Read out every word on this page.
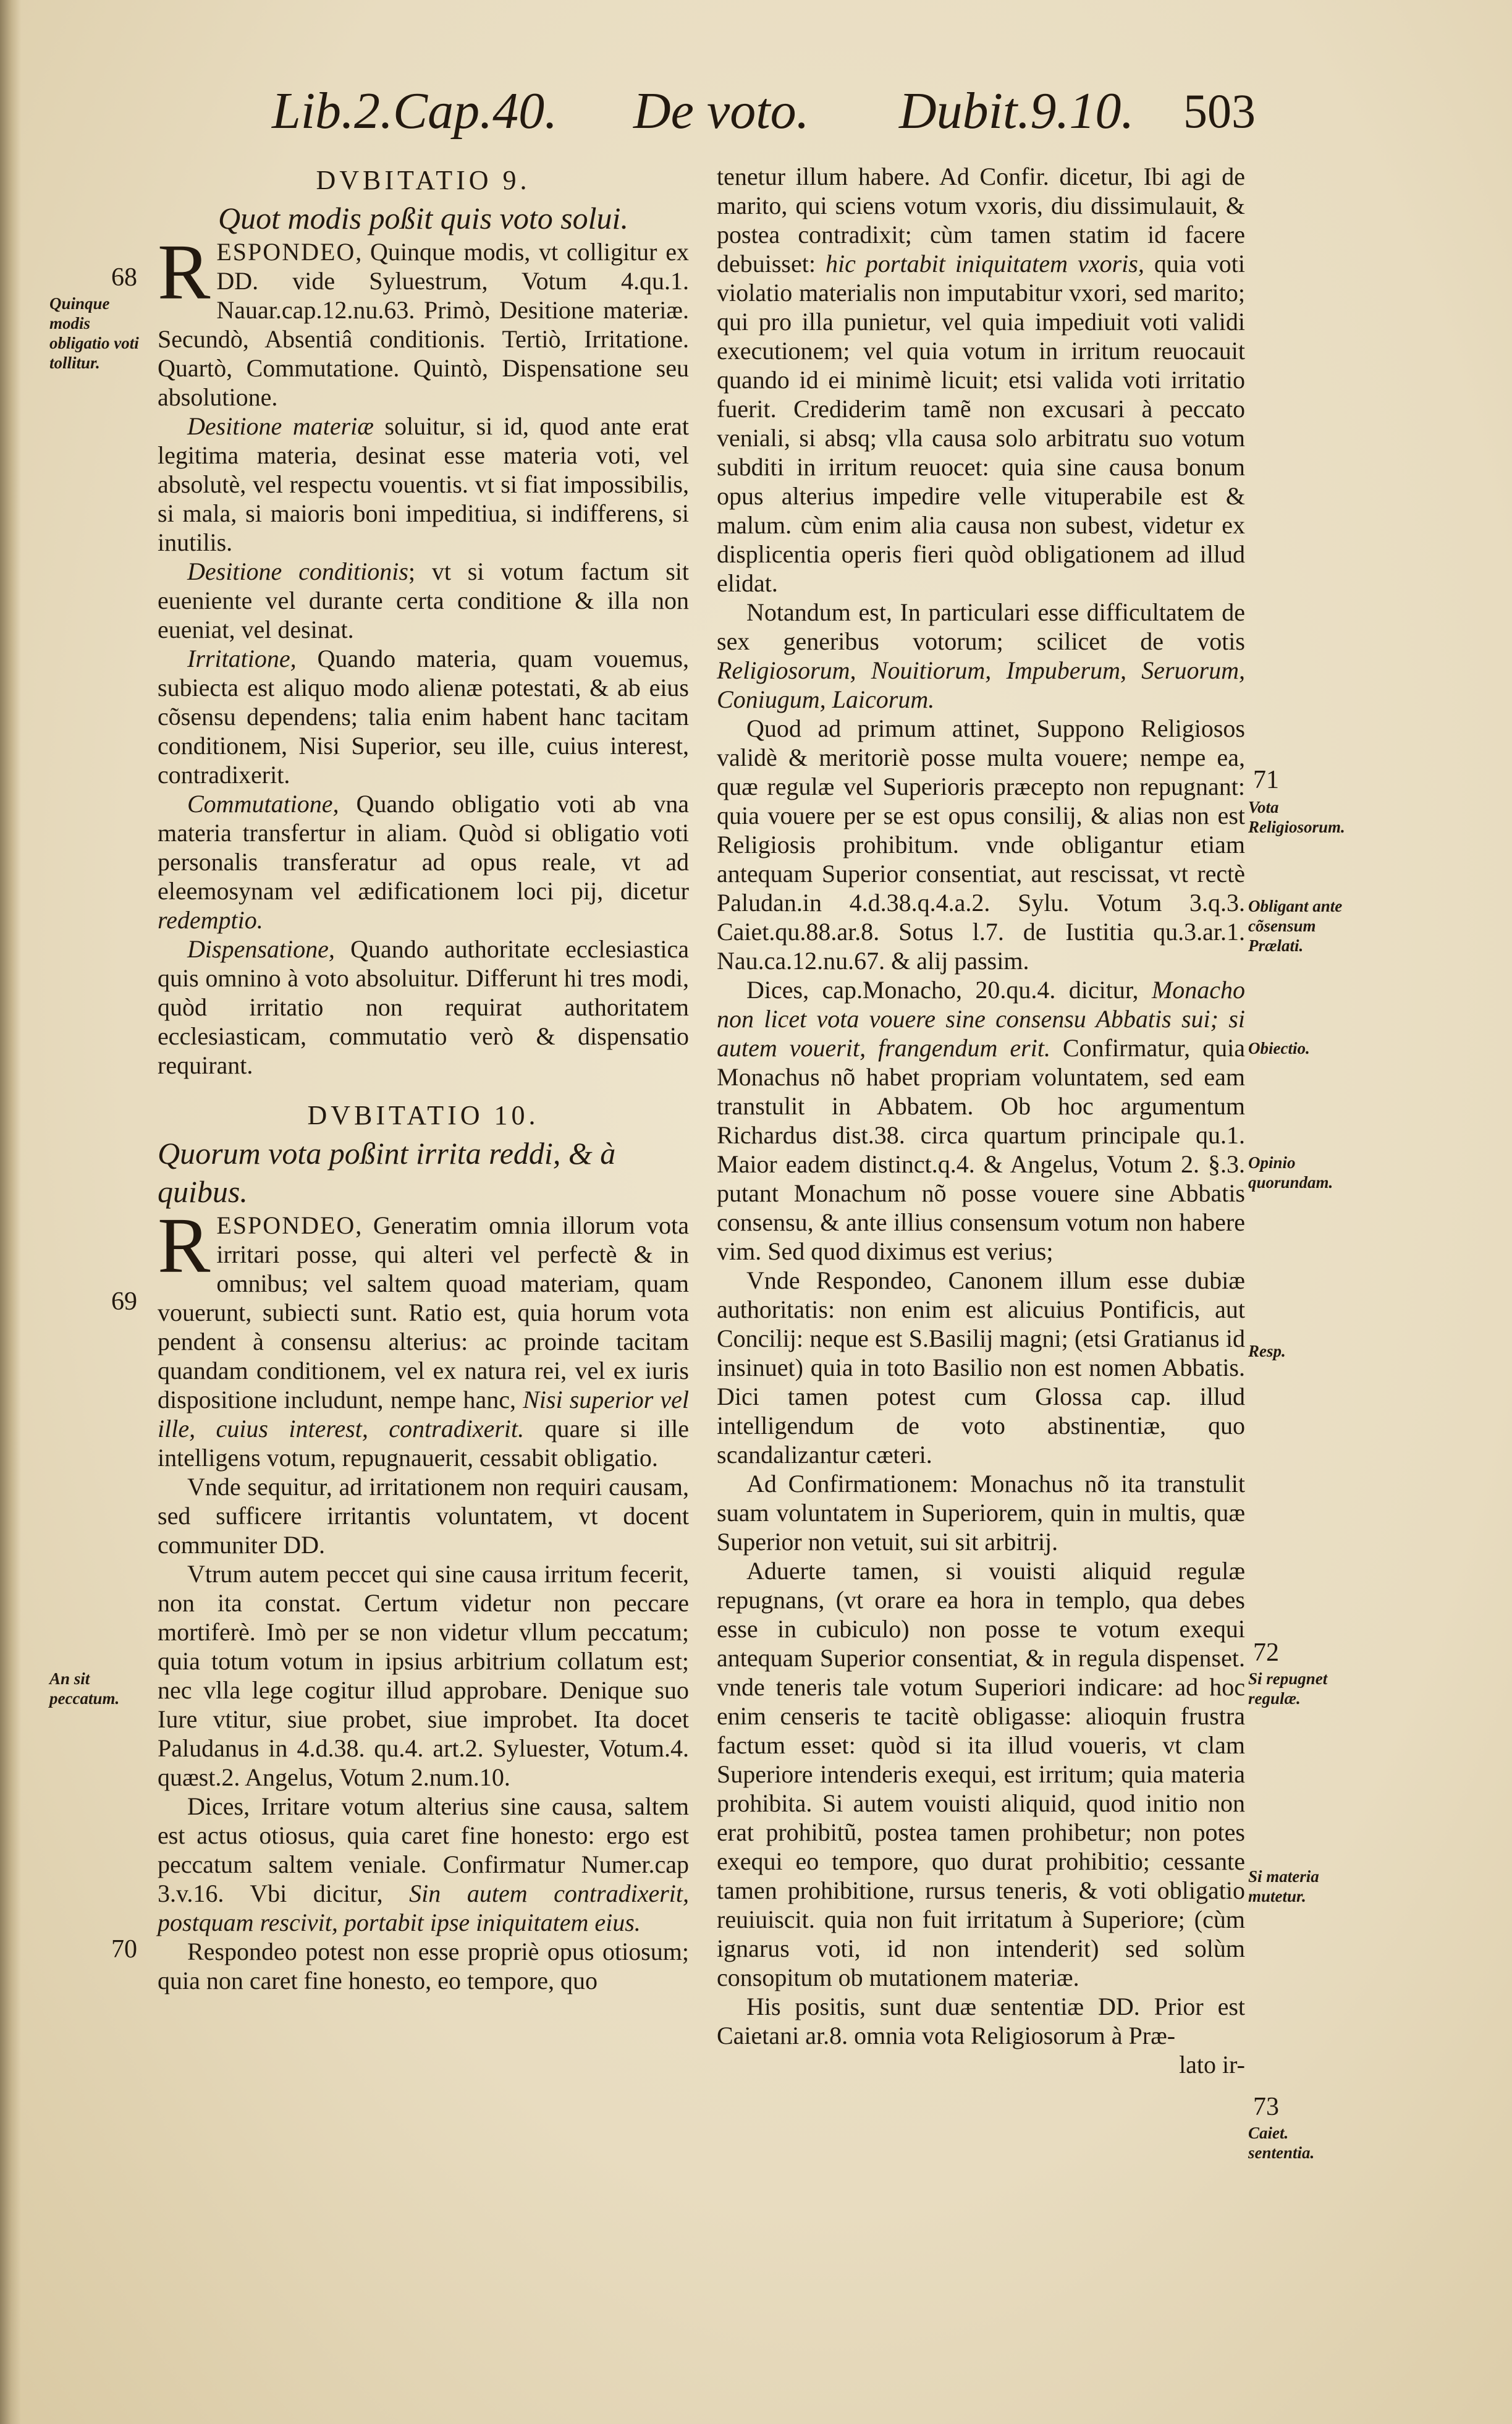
Lib.2.Cap.40. De voto. Dubit.9.10. 503

DVBITATIO 9.

Quot modis poßit quis voto solui.

RESPONDEO, Quinque modis, vt colligitur ex DD. vide Syluestrum, Votum 4.qu.1. Nauar.cap.12.nu.63. Primò, Desitione materiæ. Secundò, Absentiâ conditionis. Tertiò, Irritatione. Quartò, Commutatione. Quintò, Dispensatione seu absolutione.

Desitione materiæ soluitur, si id, quod ante erat legitima materia, desinat esse materia voti, vel absolutè, vel respectu vouentis. vt si fiat impossibilis, si mala, si maioris boni impeditiua, si indifferens, si inutilis.

Desitione conditionis; vt si votum factum sit eueniente vel durante certa conditione & illa non eueniat, vel desinat.

Irritatione, Quando materia, quam vouemus, subiecta est aliquo modo alienæ potestati, & ab eius cõsensu dependens; talia enim habent hanc tacitam conditionem, Nisi Superior, seu ille, cuius interest, contradixerit.

Commutatione, Quando obligatio voti ab vna materia transfertur in aliam. Quòd si obligatio voti personalis transferatur ad opus reale, vt ad eleemosynam vel ædificationem loci pij, dicetur redemptio.

Dispensatione, Quando authoritate ecclesiastica quis omnino à voto absoluitur. Differunt hi tres modi, quòd irritatio non requirat authoritatem ecclesiasticam, commutatio verò & dispensatio requirant.

DVBITATIO 10.

Quorum vota poßint irrita reddi, & à quibus.

RESPONDEO, Generatim omnia illorum vota irritari posse, qui alteri vel perfectè & in omnibus; vel saltem quoad materiam, quam vouerunt, subiecti sunt. Ratio est, quia horum vota pendent à consensu alterius: ac proinde tacitam quandam conditionem, vel ex natura rei, vel ex iuris dispositione includunt, nempe hanc, Nisi superior vel ille, cuius interest, contradixerit. quare si ille intelligens votum, repugnauerit, cessabit obligatio.

Vnde sequitur, ad irritationem non requiri causam, sed sufficere irritantis voluntatem, vt docent communiter DD.

Vtrum autem peccet qui sine causa irritum fecerit, non ita constat. Certum videtur non peccare mortiferè. Imò per se non videtur vllum peccatum; quia totum votum in ipsius arbitrium collatum est; nec vlla lege cogitur illud approbare. Denique suo Iure vtitur, siue probet, siue improbet. Ita docet Paludanus in 4.d.38. qu.4. art.2. Syluester, Votum.4. quæst.2. Angelus, Votum 2.num.10.

Dices, Irritare votum alterius sine causa, saltem est actus otiosus, quia caret fine honesto: ergo est peccatum saltem veniale. Confirmatur Numer.cap 3.v.16. Vbi dicitur, Sin autem contradixerit, postquam rescivit, portabit ipse iniquitatem eius.

Respondeo potest non esse propriè opus otiosum; quia non caret fine honesto, eo tempore, quo

tenetur illum habere. Ad Confir. dicetur, Ibi agi de marito, qui sciens votum vxoris, diu dissimulauit, & postea contradixit; cùm tamen statim id facere debuisset: hic portabit iniquitatem vxoris, quia voti violatio materialis non imputabitur vxori, sed marito; qui pro illa punietur, vel quia impediuit voti validi executionem; vel quia votum in irritum reuocauit quando id ei minimè licuit; etsi valida voti irritatio fuerit. Crediderim tamẽ non excusari à peccato veniali, si absq; vlla causa solo arbitratu suo votum subditi in irritum reuocet: quia sine causa bonum opus alterius impedire velle vituperabile est & malum. cùm enim alia causa non subest, videtur ex displicentia operis fieri quòd obligationem ad illud elidat.

Notandum est, In particulari esse difficultatem de sex generibus votorum; scilicet de votis Religiosorum, Nouitiorum, Impuberum, Seruorum, Coniugum, Laicorum.

Quod ad primum attinet, Suppono Religiosos validè & meritoriè posse multa vouere; nempe ea, quæ regulæ vel Superioris præcepto non repugnant: quia vouere per se est opus consilij, & alias non est Religiosis prohibitum. vnde obligantur etiam antequam Superior consentiat, aut rescissat, vt rectè Paludan.in 4.d.38.q.4.a.2. Sylu. Votum 3.q.3. Caiet.qu.88.ar.8. Sotus l.7. de Iustitia qu.3.ar.1. Nau.ca.12.nu.67. & alij passim.

Dices, cap.Monacho, 20.qu.4. dicitur, Monacho non licet vota vouere sine consensu Abbatis sui; si autem vouerit, frangendum erit. Confirmatur, quia Monachus nõ habet propriam voluntatem, sed eam transtulit in Abbatem. Ob hoc argumentum Richardus dist.38. circa quartum principale qu.1. Maior eadem distinct.q.4. & Angelus, Votum 2. §.3. putant Monachum nõ posse vouere sine Abbatis consensu, & ante illius consensum votum non habere vim. Sed quod diximus est verius;

Vnde Respondeo, Canonem illum esse dubiæ authoritatis: non enim est alicuius Pontificis, aut Concilij: neque est S.Basilij magni; (etsi Gratianus id insinuet) quia in toto Basilio non est nomen Abbatis. Dici tamen potest cum Glossa cap. illud intelligendum de voto abstinentiæ, quo scandalizantur cæteri.

Ad Confirmationem: Monachus nõ ita transtulit suam voluntatem in Superiorem, quin in multis, quæ Superior non vetuit, sui sit arbitrij.

Aduerte tamen, si vouisti aliquid regulæ repugnans, (vt orare ea hora in templo, qua debes esse in cubiculo) non posse te votum exequi antequam Superior consentiat, & in regula dispenset. vnde teneris tale votum Superiori indicare: ad hoc enim censeris te tacitè obligasse: alioquin frustra factum esset: quòd si ita illud voueris, vt clam Superiore intenderis exequi, est irritum; quia materia prohibita. Si autem vouisti aliquid, quod initio non erat prohibitũ, postea tamen prohibetur; non potes exequi eo tempore, quo durat prohibitio; cessante tamen prohibitione, rursus teneris, & voti obligatio reuiuiscit. quia non fuit irritatum à Superiore; (cùm ignarus voti, id non intenderit) sed solùm consopitum ob mutationem materiæ.

His positis, sunt duæ sententiæ DD. Prior est Caietani ar.8. omnia vota Religiosorum à Præ-

lato ir-

68
Quinque modis obligatio voti tollitur.
69
An sit peccatum.
70
71
Vota Religiosorum.
Obligant ante cõsensum Prælati.
Obiectio.
Opinio quorundam.
Resp.
72
Si repugnet regulæ.
Si materia mutetur.
73
Caiet. sententia.
